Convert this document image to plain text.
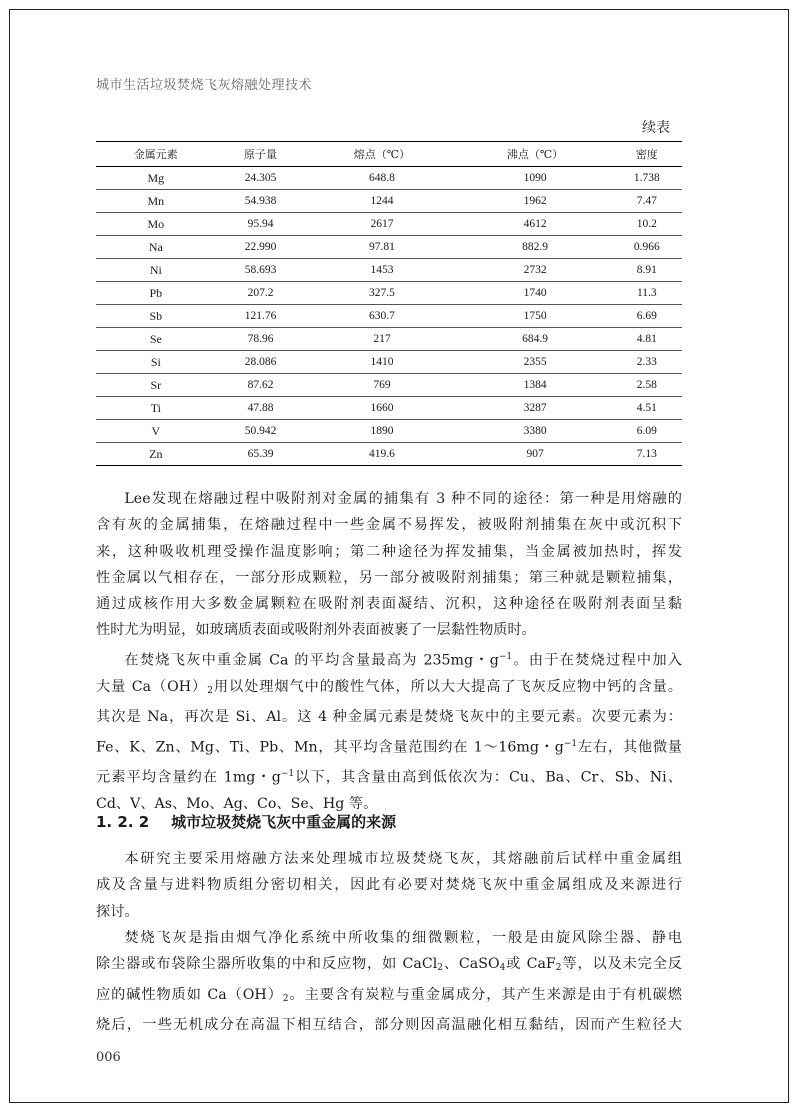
城市生活垃圾焚烧飞灰熔融处理技术
续表
金属元素	原子量	熔点（℃）	沸点（℃）	密度
Mg	24.305	648.8	1090	1.738
Mn	54.938	1244	1962	7.47
Mo	95.94	2617	4612	10.2
Na	22.990	97.81	882.9	0.966
Ni	58.693	1453	2732	8.91
Pb	207.2	327.5	1740	11.3
Sb	121.76	630.7	1750	6.69
Se	78.96	217	684.9	4.81
Si	28.086	1410	2355	2.33
Sr	87.62	769	1384	2.58
Ti	47.88	1660	3287	4.51
V	50.942	1890	3380	6.09
Zn	65.39	419.6	907	7.13
Lee发现在熔融过程中吸附剂对金属的捕集有 3 种不同的途径：第一种是用熔融的
含有灰的金属捕集，在熔融过程中一些金属不易挥发，被吸附剂捕集在灰中或沉积下
来，这种吸收机理受操作温度影响；第二种途径为挥发捕集，当金属被加热时，挥发
性金属以气相存在，一部分形成颗粒，另一部分被吸附剂捕集；第三种就是颗粒捕集，
通过成核作用大多数金属颗粒在吸附剂表面凝结、沉积，这种途径在吸附剂表面呈黏
性时尤为明显，如玻璃质表面或吸附剂外表面被裹了一层黏性物质时。
在焚烧飞灰中重金属 Ca 的平均含量最高为 235mg・$g^{-1}$。由于在焚烧过程中加入
大量 $Ca(OH)_2$用以处理烟气中的酸性气体，所以大大提高了飞灰反应物中钙的含量。
其次是 Na，再次是 Si、Al。这 4 种金属元素是焚烧飞灰中的主要元素。次要元素为：
Fe、K、Zn、Mg、Ti、Pb、Mn，其平均含量范围约在 1～16mg・$g^{-1}$左右，其他微量
元素平均含量约在 1mg・$g^{-1}$以下，其含量由高到低依次为：Cu、Ba、Cr、Sb、Ni、
Cd、V、As、Mo、Ag、Co、Se、Hg 等。
1. 2. 2 城市垃圾焚烧飞灰中重金属的来源
本研究主要采用熔融方法来处理城市垃圾焚烧飞灰，其熔融前后试样中重金属组
成及含量与进料物质组分密切相关，因此有必要对焚烧飞灰中重金属组成及来源进行
探讨。
焚烧飞灰是指由烟气净化系统中所收集的细微颗粒，一般是由旋风除尘器、静电
除尘器或布袋除尘器所收集的中和反应物，如 CaCl$_2$、CaSO$_4$或 CaF$_2$等，以及未完全反
应的碱性物质如 $Ca(OH)_2$。主要含有炭粒与重金属成分，其产生来源是由于有机碳燃
烧后，一些无机成分在高温下相互结合，部分则因高温融化相互黏结，因而产生粒径大
006
